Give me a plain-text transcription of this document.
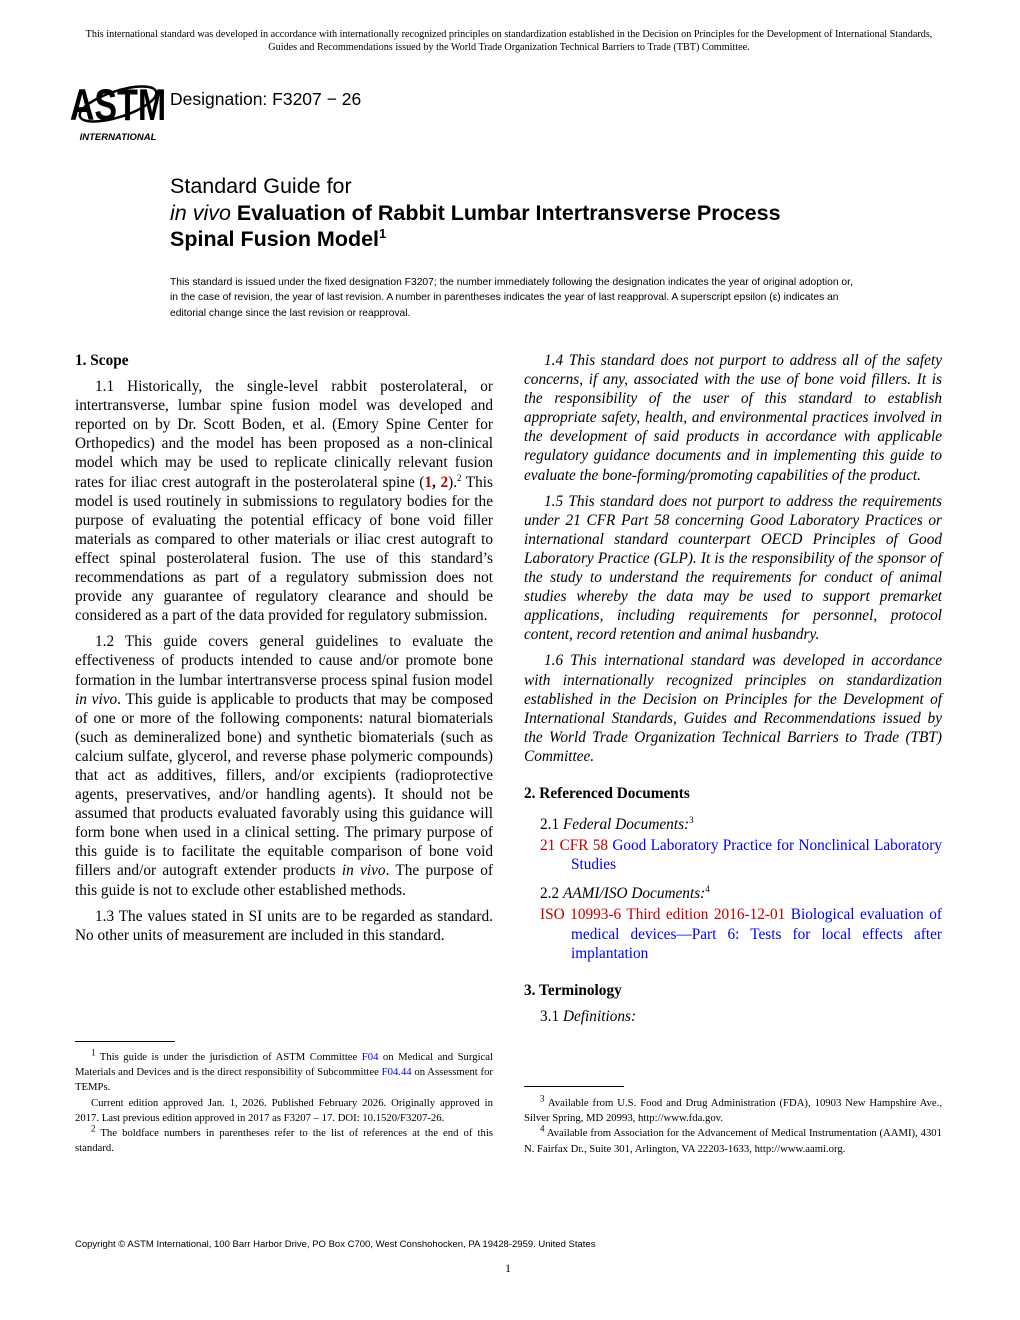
This international standard was developed in accordance with internationally recognized principles on standardization established in the Decision on Principles for the Development of International Standards, Guides and Recommendations issued by the World Trade Organization Technical Barriers to Trade (TBT) Committee.
ASTM
INTERNATIONAL
Designation: F3207 − 26
Standard Guide for
in vivo Evaluation of Rabbit Lumbar Intertransverse Process
Spinal Fusion Model$^1$
This standard is issued under the fixed designation F3207; the number immediately following the designation indicates the year of original adoption or, in the case of revision, the year of last revision. A number in parentheses indicates the year of last reapproval. A superscript epsilon (ε) indicates an editorial change since the last revision or reapproval.
1. Scope

1.1 Historically, the single-level rabbit posterolateral, or intertransverse, lumbar spine fusion model was developed and reported on by Dr. Scott Boden, et al. (Emory Spine Center for Orthopedics) and the model has been proposed as a non-clinical model which may be used to replicate clinically relevant fusion rates for iliac crest autograft in the posterolateral spine (1, 2).$^2$ This model is used routinely in submissions to regulatory bodies for the purpose of evaluating the potential efficacy of bone void filler materials as compared to other materials or iliac crest autograft to effect spinal posterolateral fusion. The use of this standard’s recommendations as part of a regulatory submission does not provide any guarantee of regulatory clearance and should be considered as a part of the data provided for regulatory submission.

1.2 This guide covers general guidelines to evaluate the effectiveness of products intended to cause and/or promote bone formation in the lumbar intertransverse process spinal fusion model in vivo. This guide is applicable to products that may be composed of one or more of the following components: natural biomaterials (such as demineralized bone) and synthetic biomaterials (such as calcium sulfate, glycerol, and reverse phase polymeric compounds) that act as additives, fillers, and/or excipients (radioprotective agents, preservatives, and/or handling agents). It should not be assumed that products evaluated favorably using this guidance will form bone when used in a clinical setting. The primary purpose of this guide is to facilitate the equitable comparison of bone void fillers and/or autograft extender products in vivo. The purpose of this guide is not to exclude other established methods.

1.3 The values stated in SI units are to be regarded as standard. No other units of measurement are included in this standard.

$^1$ This guide is under the jurisdiction of ASTM Committee F04 on Medical and Surgical Materials and Devices and is the direct responsibility of Subcommittee F04.44 on Assessment for TEMPs.

Current edition approved Jan. 1, 2026. Published February 2026. Originally approved in 2017. Last previous edition approved in 2017 as F3207 – 17. DOI: 10.1520/F3207-26.

$^2$ The boldface numbers in parentheses refer to the list of references at the end of this standard.

1.4 This standard does not purport to address all of the safety concerns, if any, associated with the use of bone void fillers. It is the responsibility of the user of this standard to establish appropriate safety, health, and environmental practices involved in the development of said products in accordance with applicable regulatory guidance documents and in implementing this guide to evaluate the bone-forming/promoting capabilities of the product.

1.5 This standard does not purport to address the requirements under 21 CFR Part 58 concerning Good Laboratory Practices or international standard counterpart OECD Principles of Good Laboratory Practice (GLP). It is the responsibility of the sponsor of the study to understand the requirements for conduct of animal studies whereby the data may be used to support premarket applications, including requirements for personnel, protocol content, record retention and animal husbandry.

1.6 This international standard was developed in accordance with internationally recognized principles on standardization established in the Decision on Principles for the Development of International Standards, Guides and Recommendations issued by the World Trade Organization Technical Barriers to Trade (TBT) Committee.

2. Referenced Documents
2.1 Federal Documents:$^3$
21 CFR 58 Good Laboratory Practice for Nonclinical Laboratory Studies
2.2 AAMI/ISO Documents:$^4$
ISO 10993-6 Third edition 2016-12-01 Biological evaluation of medical devices—Part 6: Tests for local effects after implantation
3. Terminology
3.1 Definitions:

$^3$ Available from U.S. Food and Drug Administration (FDA), 10903 New Hampshire Ave., Silver Spring, MD 20993, http://www.fda.gov.

$^4$ Available from Association for the Advancement of Medical Instrumentation (AAMI), 4301 N. Fairfax Dr., Suite 301, Arlington, VA 22203-1633, http://www.aami.org.

Copyright © ASTM International, 100 Barr Harbor Drive, PO Box C700, West Conshohocken, PA 19428-2959. United States
1
